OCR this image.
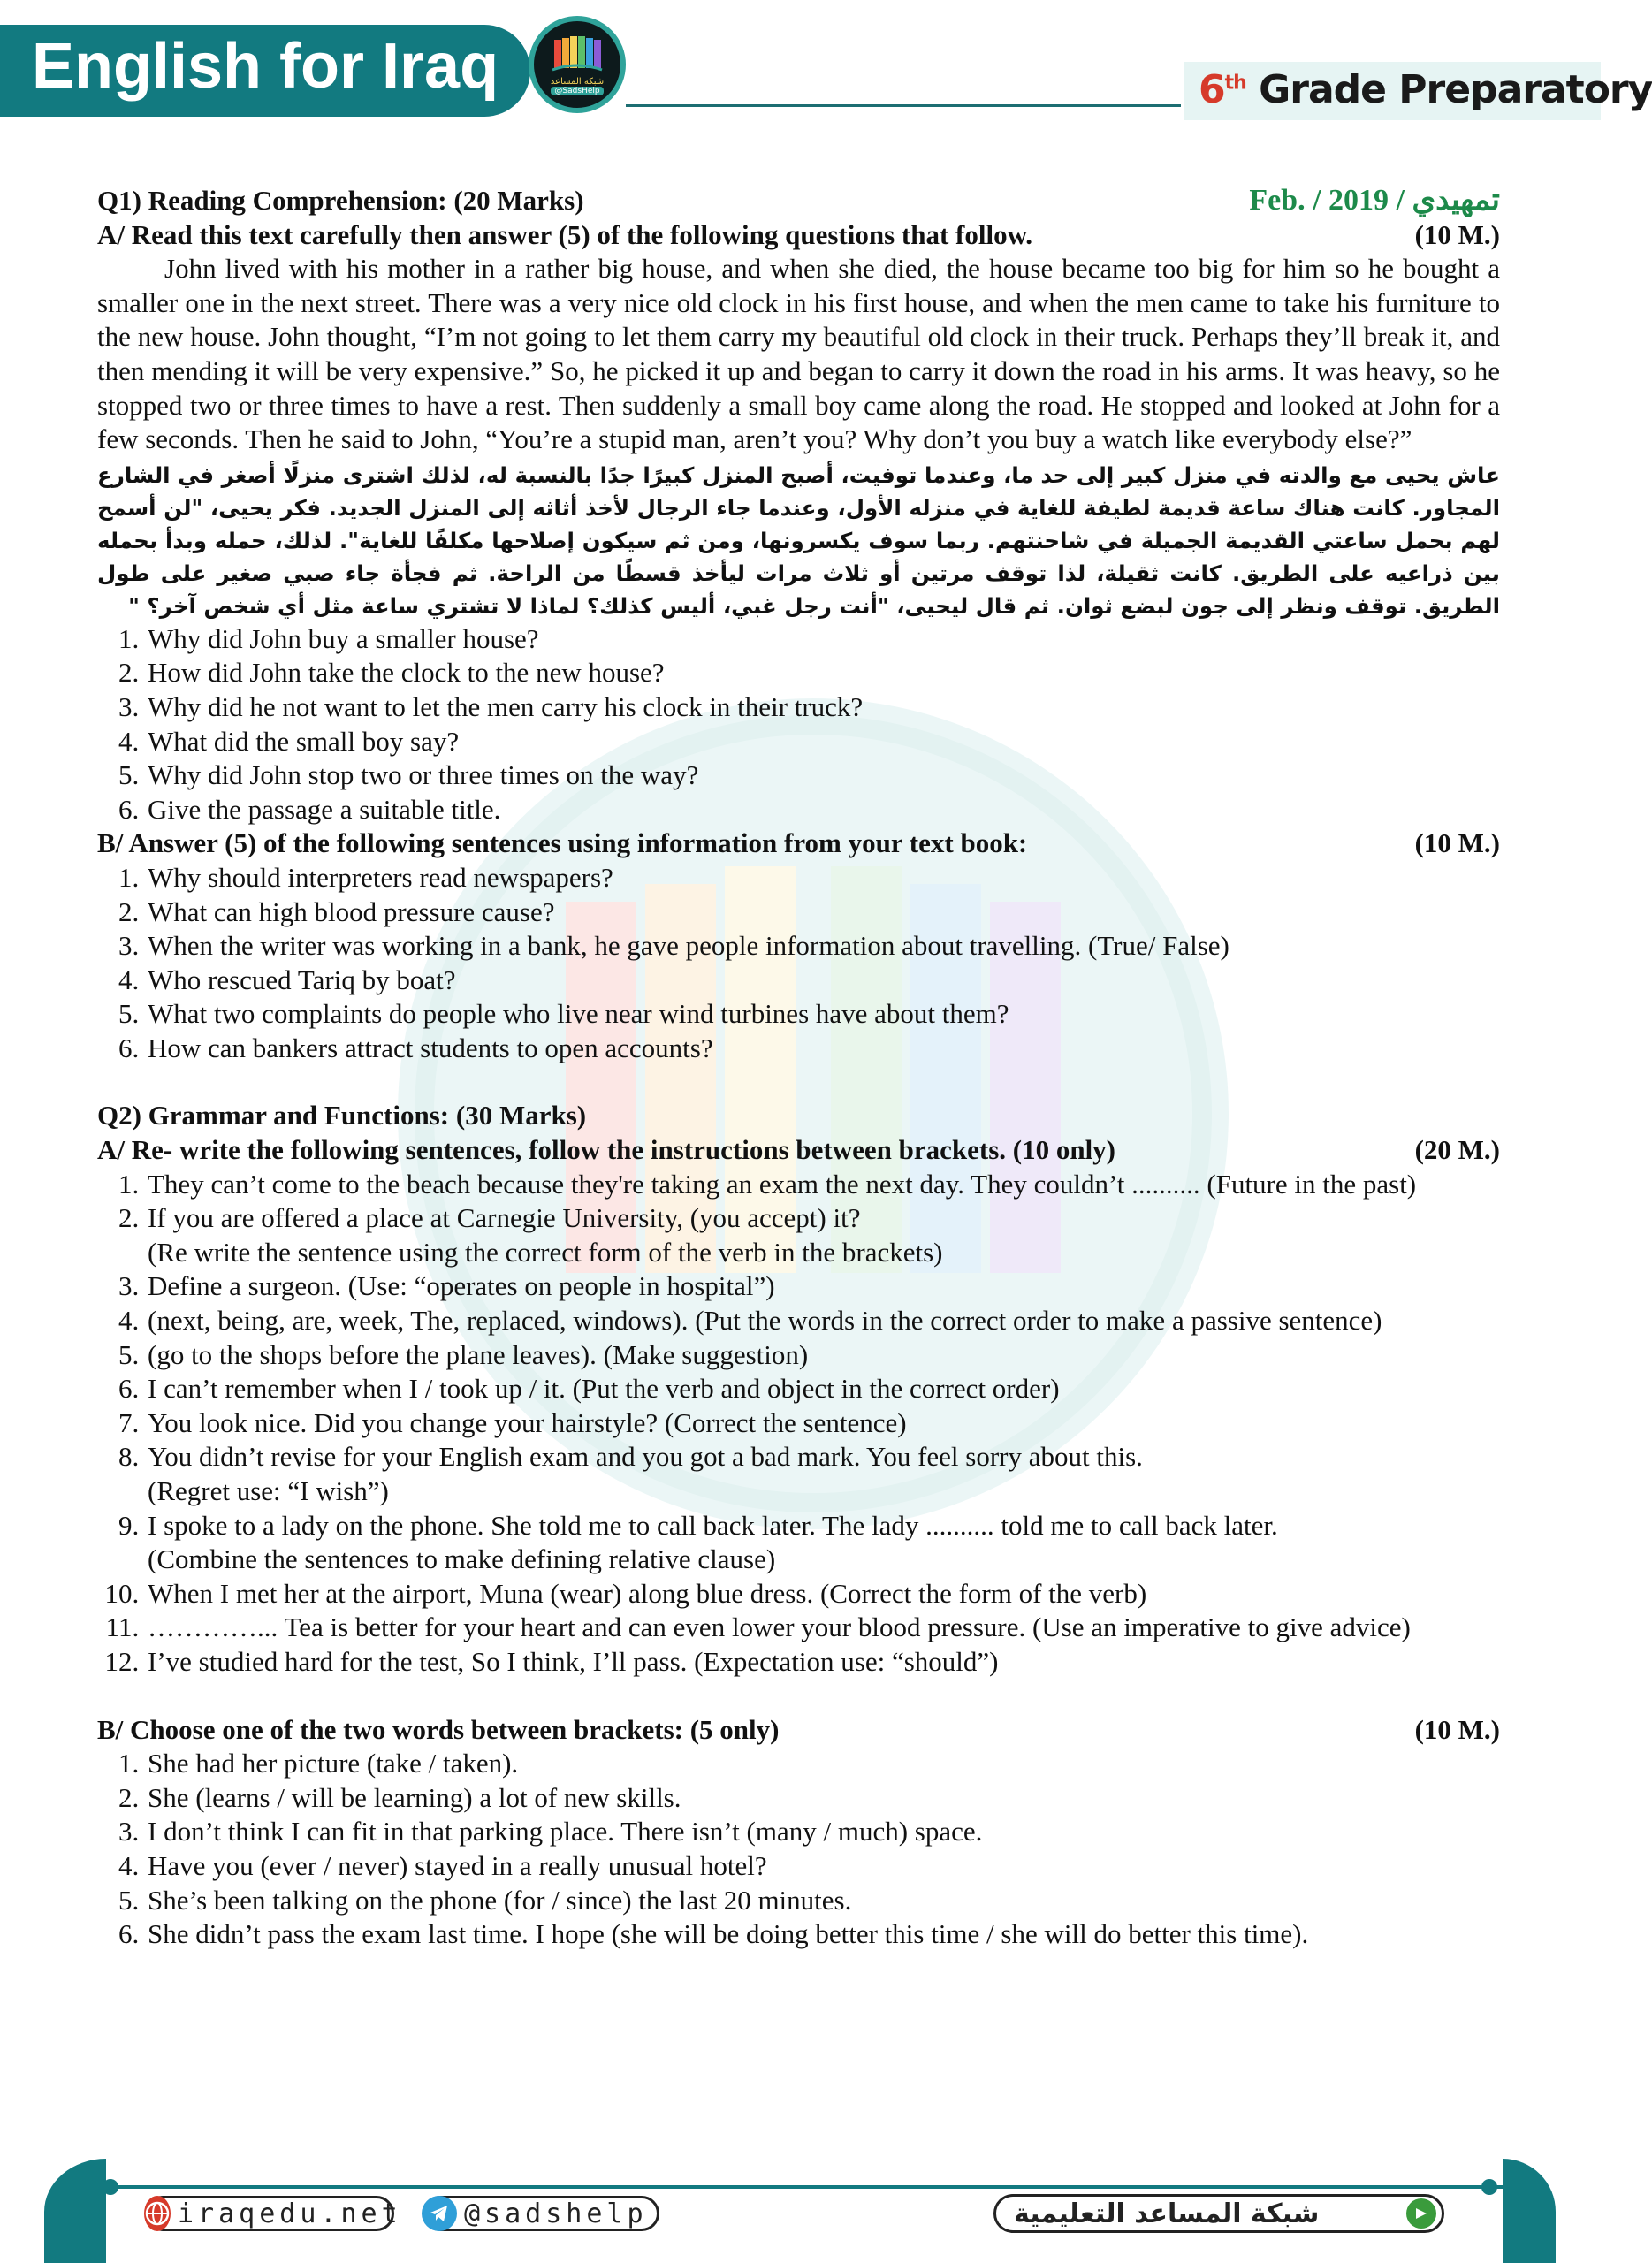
English for Iraq	شبكة المساعد
@SadsHelp	6th Grade Preparatory
Q1) Reading Comprehension: (20 Marks)	Feb. / 2019 / تمهيدي
A/ Read this text carefully then answer (5) of the following questions that follow.	(10 M.)

John lived with his mother in a rather big house, and when she died, the house became too big for him so he bought a smaller one in the next street. There was a very nice old clock in his first house, and when the men came to take his furniture to the new house. John thought, “I’m not going to let them carry my beautiful old clock in their truck. Perhaps they’ll break it, and then mending it will be very expensive.” So, he picked it up and began to carry it down the road in his arms. It was heavy, so he stopped two or three times to have a rest. Then suddenly a small boy came along the road. He stopped and looked at John for a few seconds. Then he said to John, “You’re a stupid man, aren’t you? Why don’t you buy a watch like everybody else?”

عاش يحيى مع والدته في منزل كبير إلى حد ما، وعندما توفيت، أصبح المنزل كبيرًا جدًا بالنسبة له، لذلك اشترى منزلًا أصغر في الشارع المجاور. كانت هناك ساعة قديمة لطيفة للغاية في منزله الأول، وعندما جاء الرجال لأخذ أثاثه إلى المنزل الجديد. فكر يحيى، "لن أسمح لهم بحمل ساعتي القديمة الجميلة في شاحنتهم. ربما سوف يكسرونها، ومن ثم سيكون إصلاحها مكلفًا للغاية". لذلك، حمله وبدأ بحمله بين ذراعيه على الطريق. كانت ثقيلة، لذا توقف مرتين أو ثلاث مرات ليأخذ قسطًا من الراحة. ثم فجأة جاء صبي صغير على طول الطريق. توقف ونظر إلى جون لبضع ثوان. ثم قال ليحيى، "أنت رجل غبي، أليس كذلك؟ لماذا لا تشتري ساعة مثل أي شخص آخر؟ "

1. Why did John buy a smaller house?
2. How did John take the clock to the new house?
3. Why did he not want to let the men carry his clock in their truck?
4. What did the small boy say?
5. Why did John stop two or three times on the way?
6. Give the passage a suitable title.
B/ Answer (5) of the following sentences using information from your text book:	(10 M.)
1. Why should interpreters read newspapers?
2. What can high blood pressure cause?
3. When the writer was working in a bank, he gave people information about travelling. (True/ False)
4. Who rescued Tariq by boat?
5. What two complaints do people who live near wind turbines have about them?
6. How can bankers attract students to open accounts?
Q2) Grammar and Functions: (30 Marks)
A/ Re- write the following sentences, follow the instructions between brackets. (10 only)	(20 M.)
1. They can’t come to the beach because they're taking an exam the next day. They couldn’t .......... (Future in the past)
2. If you are offered a place at Carnegie University, (you accept) it?
(Re write the sentence using the correct form of the verb in the brackets)
3. Define a surgeon. (Use: “operates on people in hospital”)
4. (next, being, are, week, The, replaced, windows). (Put the words in the correct order to make a passive sentence)
5. (go to the shops before the plane leaves). (Make suggestion)
6. I can’t remember when I / took up / it. (Put the verb and object in the correct order)
7. You look nice. Did you change your hairstyle? (Correct the sentence)
8. You didn’t revise for your English exam and you got a bad mark. You feel sorry about this.
(Regret use: “I wish”)
9. I spoke to a lady on the phone. She told me to call back later. The lady .......... told me to call back later.
(Combine the sentences to make defining relative clause)
10. When I met her at the airport, Muna (wear) along blue dress. (Correct the form of the verb)
11. …………... Tea is better for your heart and can even lower your blood pressure. (Use an imperative to give advice)
12. I’ve studied hard for the test, So I think, I’ll pass. (Expectation use: “should”)
B/ Choose one of the two words between brackets: (5 only)	(10 M.)
1. She had her picture (take / taken).
2. She (learns / will be learning) a lot of new skills.
3. I don’t think I can fit in that parking place. There isn’t (many / much) space.
4. Have you (ever / never) stayed in a really unusual hotel?
5. She’s been talking on the phone (for / since) the last 20 minutes.
6. She didn’t pass the exam last time. I hope (she will be doing better this time / she will do better this time).
iraqedu.net @sadshelp	شبكة المساعد التعليمية
